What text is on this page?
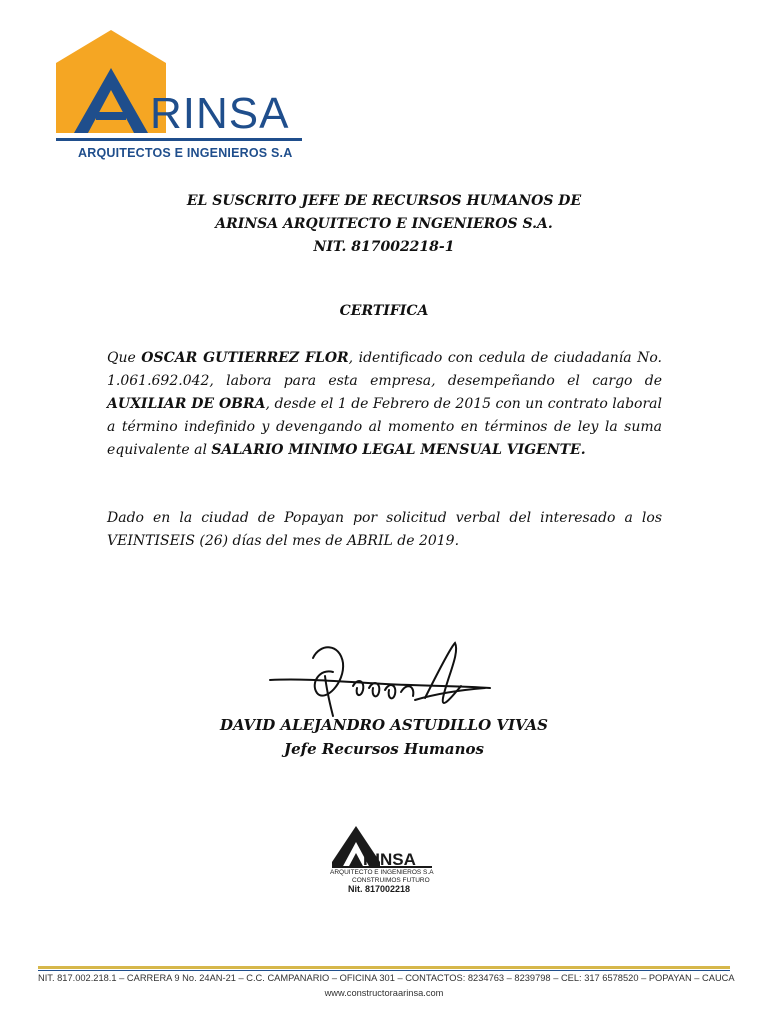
RINSA
ARQUITECTOS E INGENIEROS S.A
EL SUSCRITO JEFE DE RECURSOS HUMANOS DE
ARINSA ARQUITECTO E INGENIEROS S.A.
NIT. 817002218-1
CERTIFICA
Que OSCAR GUTIERREZ FLOR, identificado con cedula de ciudadanía No. 1.061.692.042, labora para esta empresa, desempeñando el cargo de AUXILIAR DE OBRA, desde el 1 de Febrero de 2015 con un contrato laboral a término indefinido y devengando al momento en términos de ley la suma equivalente al SALARIO MINIMO LEGAL MENSUAL VIGENTE.
Dado en la ciudad de Popayan por solicitud verbal del interesado a los VEINTISEIS (26) días del mes de ABRIL de 2019.
DAVID ALEJANDRO ASTUDILLO VIVAS
Jefe Recursos Humanos
RINSA
ARQUITECTO E INGENIEROS S.A
CONSTRUIMOS FUTURO
Nit. 817002218
NIT. 817.002.218.1 – CARRERA 9 No. 24AN-21 – C.C. CAMPANARIO – OFICINA 301 – CONTACTOS: 8234763 – 8239798 – CEL: 317 6578520 – POPAYAN – CAUCA
www.constructoraarinsa.com
